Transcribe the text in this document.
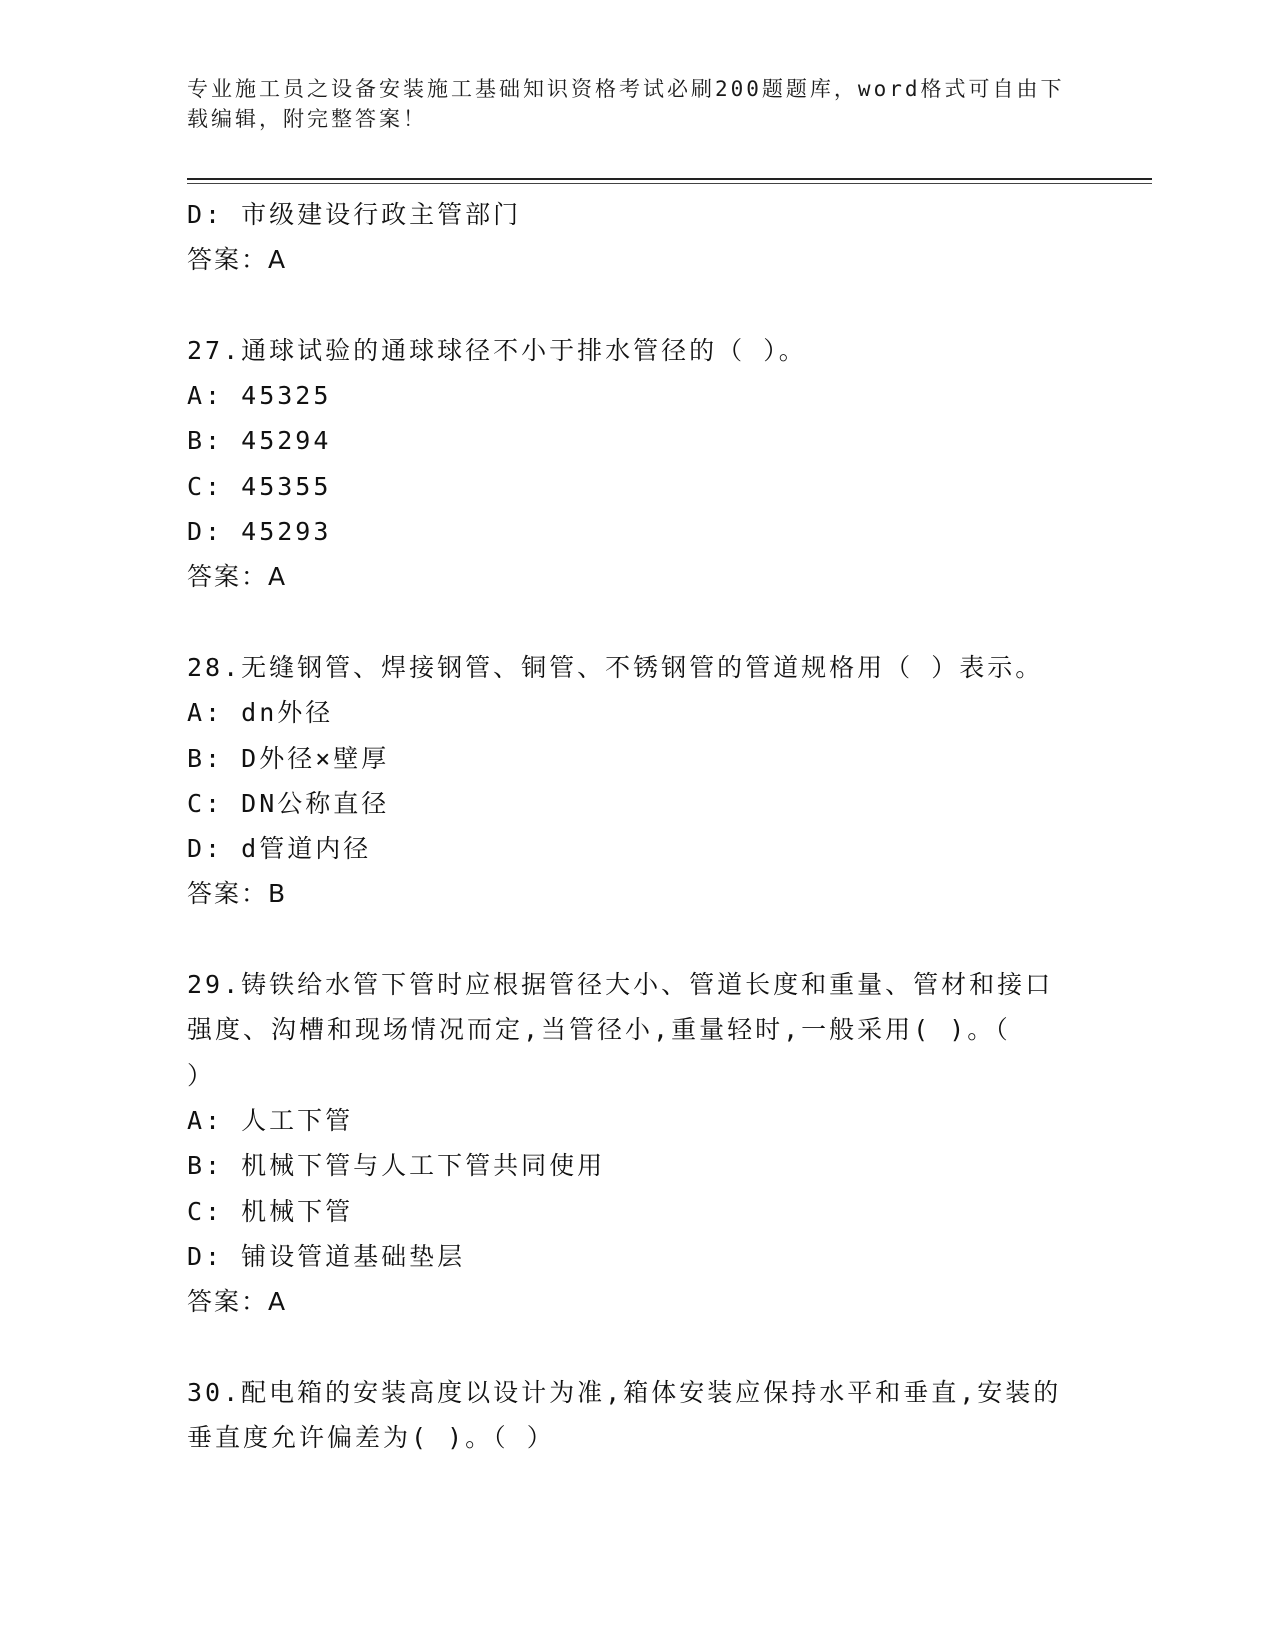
专业施工员之设备安装施工基础知识资格考试必刷200题题库，word格式可自由下载编辑，附完整答案！
D: 市级建设行政主管部门
答案：A
27.通球试验的通球球径不小于排水管径的（ ）。
A: 45325
B: 45294
C: 45355
D: 45293
答案：A
28.无缝钢管、焊接钢管、铜管、不锈钢管的管道规格用（ ）表示。
A: dn外径
B: D外径×壁厚
C: DN公称直径
D: d管道内径
答案：B
29.铸铁给水管下管时应根据管径大小、管道长度和重量、管材和接口
强度、沟槽和现场情况而定,当管径小,重量轻时,一般采用( )。（
）
A: 人工下管
B: 机械下管与人工下管共同使用
C: 机械下管
D: 铺设管道基础垫层
答案：A
30.配电箱的安装高度以设计为准,箱体安装应保持水平和垂直,安装的
垂直度允许偏差为( )。（ ）
